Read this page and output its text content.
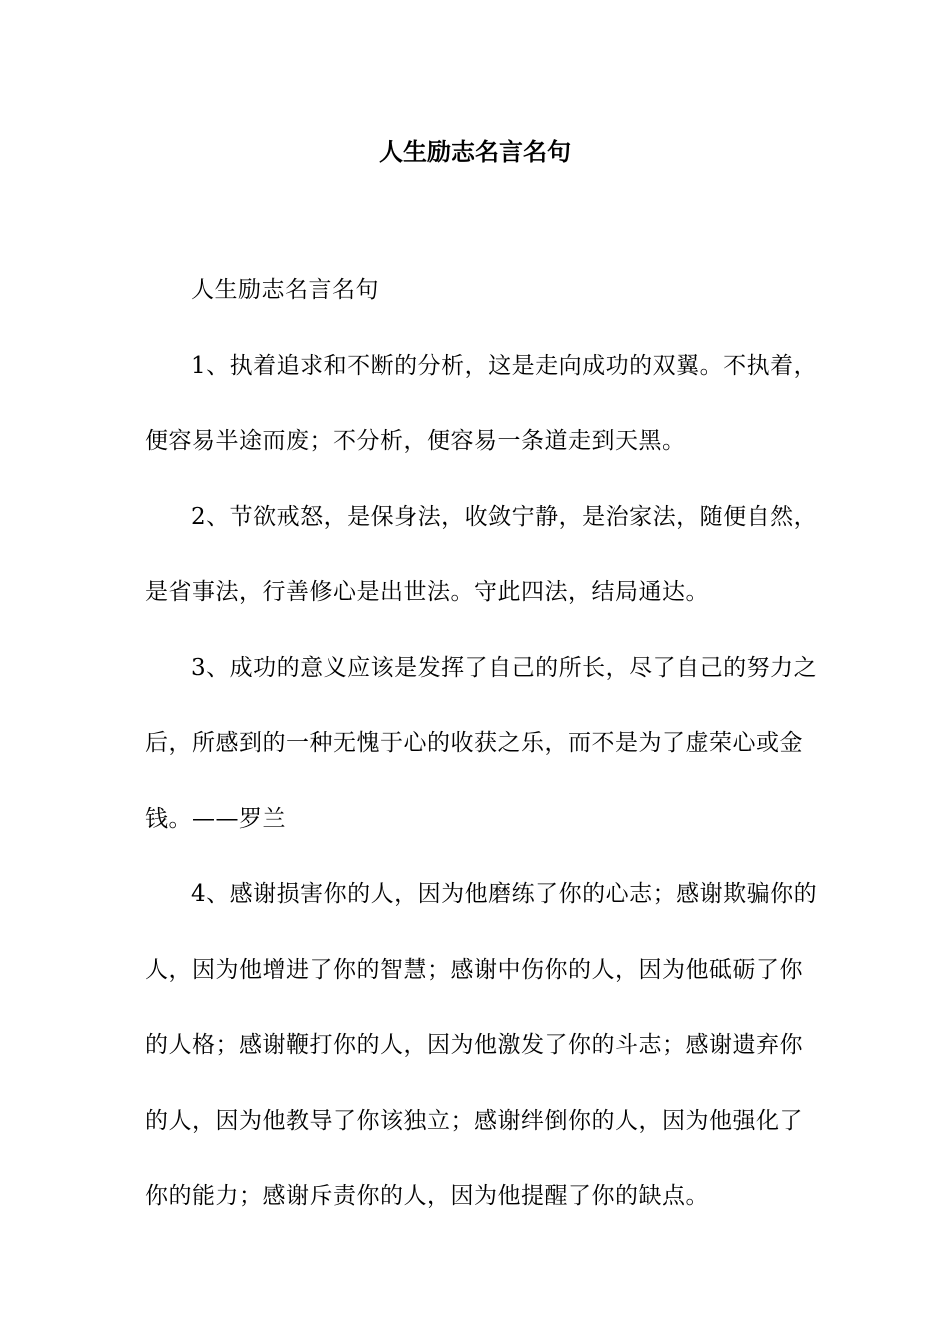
人生励志名言名句

人生励志名言名句

1、执着追求和不断的分析，这是走向成功的双翼。不执着，便容易半途而废；不分析，便容易一条道走到天黑。

2、节欲戒怒，是保身法，收敛宁静，是治家法，随便自然，是省事法，行善修心是出世法。守此四法，结局通达。

3、成功的意义应该是发挥了自己的所长，尽了自己的努力之后，所感到的一种无愧于心的收获之乐，而不是为了虚荣心或金钱。——罗兰

4、感谢损害你的人，因为他磨练了你的心志；感谢欺骗你的人，因为他增进了你的智慧；感谢中伤你的人，因为他砥砺了你的人格；感谢鞭打你的人，因为他激发了你的斗志；感谢遗弃你的人，因为他教导了你该独立；感谢绊倒你的人，因为他强化了你的能力；感谢斥责你的人，因为他提醒了你的缺点。
